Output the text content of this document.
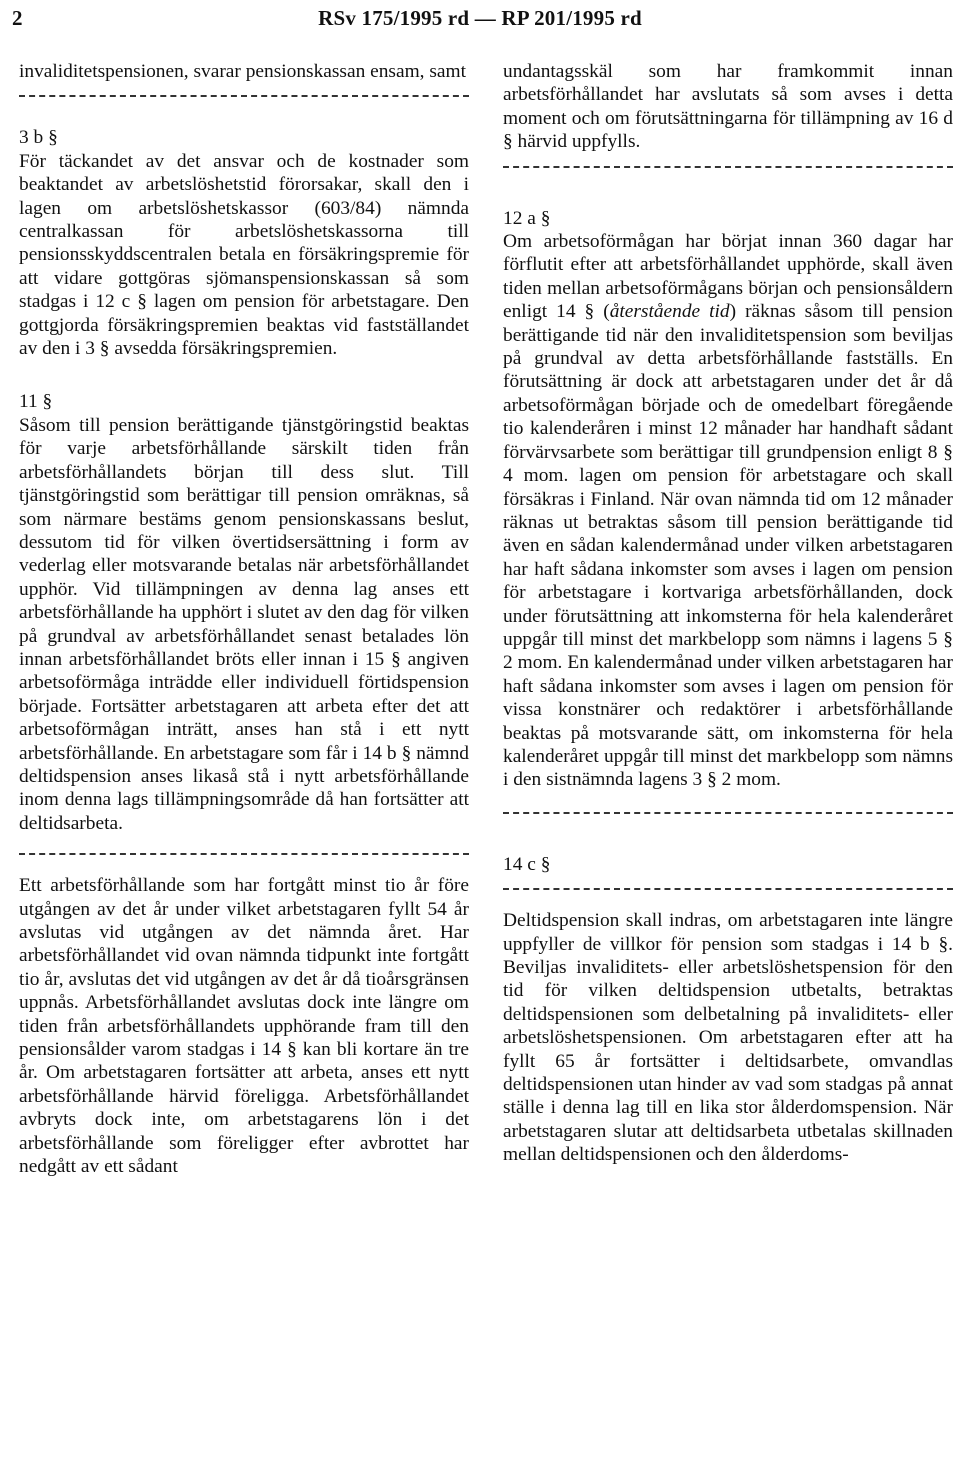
2	RSv 175/1995 rd — RP 201/1995 rd

invaliditetspensionen, svarar pensionskassan ensam, samt

3 b §

För täckandet av det ansvar och de kostnader som beaktandet av arbetslöshetstid förorsakar, skall den i lagen om arbetslöshetskassor (603/84) nämnda centralkassan för arbetslöshetskassorna till pensionsskyddscentralen betala en försäkringspremie för att vidare gottgöras sjömanspensionskassan så som stadgas i 12 c § lagen om pension för arbetstagare. Den gottgjorda försäkringspremien beaktas vid fastställandet av den i 3 § avsedda försäkringspremien.

11 §

Såsom till pension berättigande tjänstgöringstid beaktas för varje arbetsförhållande särskilt tiden från arbetsförhållandets början till dess slut. Till tjänstgöringstid som berättigar till pension omräknas, så som närmare bestäms genom pensionskassans beslut, dessutom tid för vilken övertidsersättning i form av vederlag eller motsvarande betalas när arbetsförhållandet upphör. Vid tillämpningen av denna lag anses ett arbetsförhållande ha upphört i slutet av den dag för vilken på grundval av arbetsförhållandet senast betalades lön innan arbetsförhållandet bröts eller innan i 15 § angiven arbetsoförmåga inträdde eller individuell förtidspension började. Fortsätter arbetstagaren att arbeta efter det att arbetsoförmågan inträtt, anses han stå i ett nytt arbetsförhållande. En arbetstagare som får i 14 b § nämnd deltidspension anses likaså stå i nytt arbetsförhållande inom denna lags tillämpningsområde då han fortsätter att deltidsarbeta.

Ett arbetsförhållande som har fortgått minst tio år före utgången av det år under vilket arbetstagaren fyllt 54 år avslutas vid utgången av det nämnda året. Har arbetsförhållandet vid ovan nämnda tidpunkt inte fortgått tio år, avslutas det vid utgången av det år då tioårsgränsen uppnås. Arbetsförhållandet avslutas dock inte längre om tiden från arbetsförhållandets upphörande fram till den pensionsålder varom stadgas i 14 § kan bli kortare än tre år. Om arbetstagaren fortsätter att arbeta, anses ett nytt arbetsförhållande härvid föreligga. Arbetsförhållandet avbryts dock inte, om arbetstagarens lön i det arbetsförhållande som föreligger efter avbrottet har nedgått av ett sådant

undantagsskäl som har framkommit innan arbetsförhållandet har avslutats så som avses i detta moment och om förutsättningarna för tillämpning av 16 d § härvid uppfylls.

12 a §

Om arbetsoförmågan har börjat innan 360 dagar har förflutit efter att arbetsförhållandet upphörde, skall även tiden mellan arbetsoförmågans början och pensionsåldern enligt 14 § (återstående tid) räknas såsom till pension berättigande tid när den invaliditetspension som beviljas på grundval av detta arbetsförhållande fastställs. En förutsättning är dock att arbetstagaren under det år då arbetsoförmågan började och de omedelbart föregående tio kalenderåren i minst 12 månader har handhaft sådant förvärvsarbete som berättigar till grundpension enligt 8 § 4 mom. lagen om pension för arbetstagare och skall försäkras i Finland. När ovan nämnda tid om 12 månader räknas ut betraktas såsom till pension berättigande tid även en sådan kalendermånad under vilken arbetstagaren har haft sådana inkomster som avses i lagen om pension för arbetstagare i kortvariga arbetsförhållanden, dock under förutsättning att inkomsterna för hela kalenderåret uppgår till minst det markbelopp som nämns i lagens 5 § 2 mom. En kalendermånad under vilken arbetstagaren har haft sådana inkomster som avses i lagen om pension för vissa konstnärer och redaktörer i arbetsförhållande beaktas på motsvarande sätt, om inkomsterna för hela kalenderåret uppgår till minst det markbelopp som nämns i den sistnämnda lagens 3 § 2 mom.

14 c §

Deltidspension skall indras, om arbetstagaren inte längre uppfyller de villkor för pension som stadgas i 14 b §. Beviljas invaliditets- eller arbetslöshetspension för den tid för vilken deltidspension utbetalts, betraktas deltidspensionen som delbetalning på invaliditets- eller arbetslöshetspensionen. Om arbetstagaren efter att ha fyllt 65 år fortsätter i deltidsarbete, omvandlas deltidspensionen utan hinder av vad som stadgas på annat ställe i denna lag till en lika stor ålderdomspension. När arbetstagaren slutar att deltidsarbeta utbetalas skillnaden mellan deltidspensionen och den ålderdoms-
